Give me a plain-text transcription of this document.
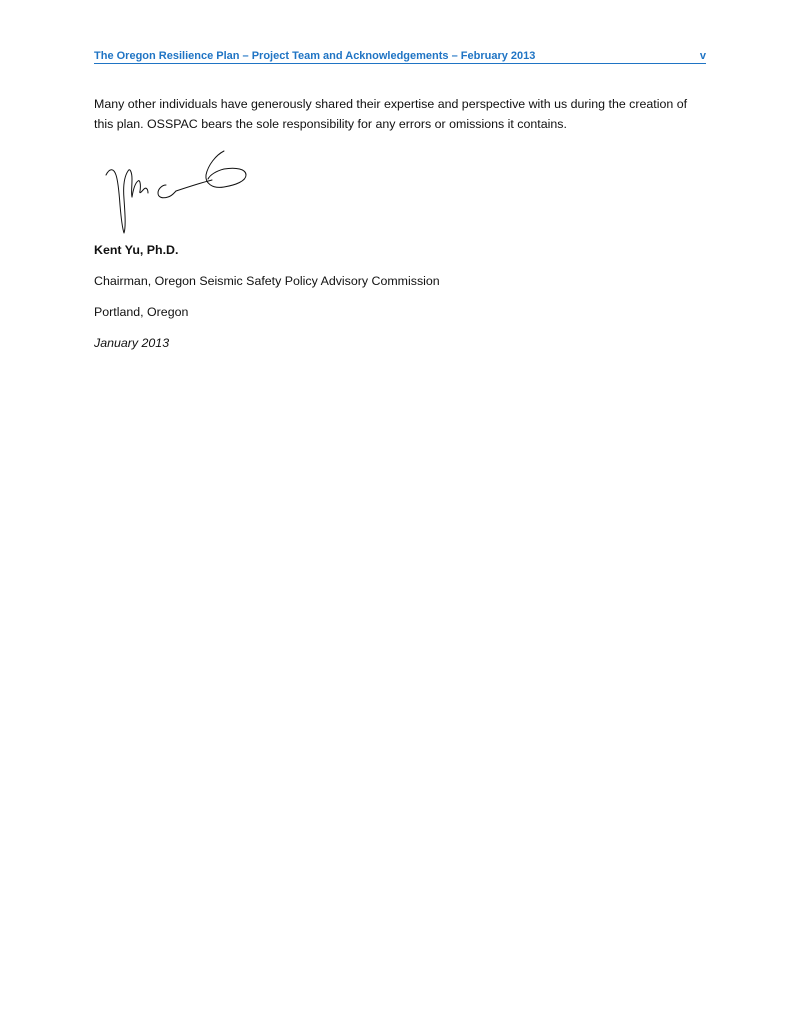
The Oregon Resilience Plan – Project Team and Acknowledgements – February 2013	v

Many other individuals have generously shared their expertise and perspective with us during the creation of this plan. OSSPAC bears the sole responsibility for any errors or omissions it contains.

Kent Yu, Ph.D.
Chairman, Oregon Seismic Safety Policy Advisory Commission
Portland, Oregon
January 2013
